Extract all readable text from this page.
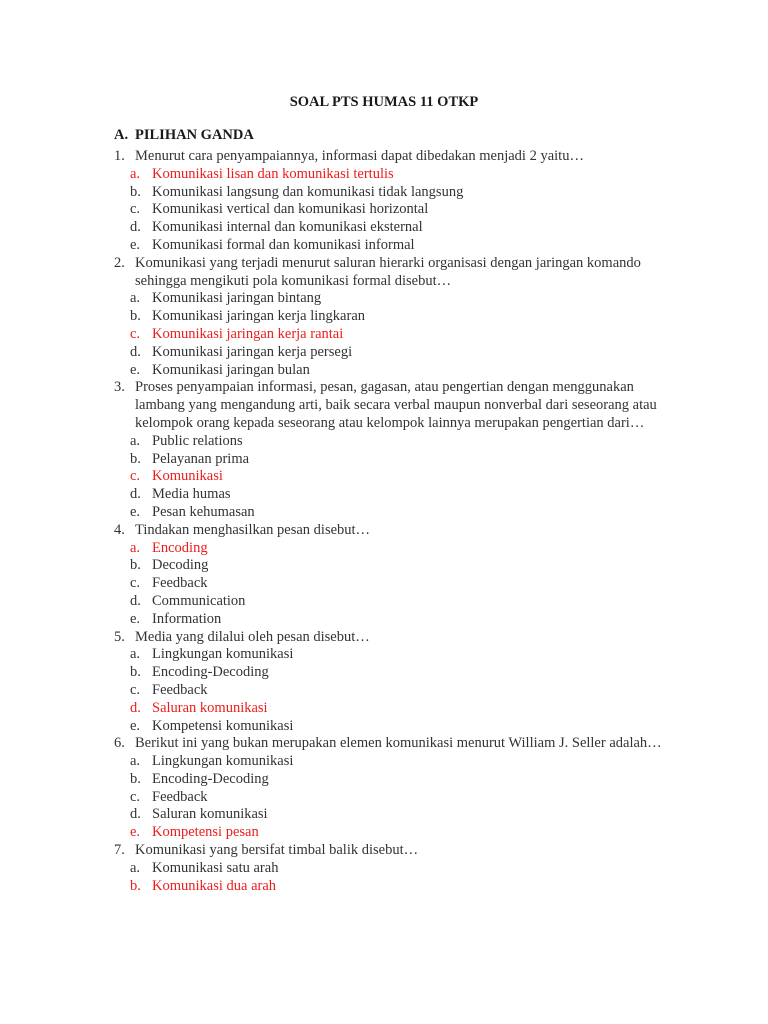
SOAL PTS HUMAS 11 OTKP
A. PILIHAN GANDA
1. Menurut cara penyampaiannya, informasi dapat dibedakan menjadi 2 yaitu…
a. Komunikasi lisan dan komunikasi tertulis
b. Komunikasi langsung dan komunikasi tidak langsung
c. Komunikasi vertical dan komunikasi horizontal
d. Komunikasi internal dan komunikasi eksternal
e. Komunikasi formal dan komunikasi informal
2. Komunikasi yang terjadi menurut saluran hierarki organisasi dengan jaringan komando sehingga mengikuti pola komunikasi formal disebut…
a. Komunikasi jaringan bintang
b. Komunikasi jaringan kerja lingkaran
c. Komunikasi jaringan kerja rantai
d. Komunikasi jaringan kerja persegi
e. Komunikasi jaringan bulan
3. Proses penyampaian informasi, pesan, gagasan, atau pengertian dengan menggunakan lambang yang mengandung arti, baik secara verbal maupun nonverbal dari seseorang atau kelompok orang kepada seseorang atau kelompok lainnya merupakan pengertian dari…
a. Public relations
b. Pelayanan prima
c. Komunikasi
d. Media humas
e. Pesan kehumasan
4. Tindakan menghasilkan pesan disebut…
a. Encoding
b. Decoding
c. Feedback
d. Communication
e. Information
5. Media yang dilalui oleh pesan disebut…
a. Lingkungan komunikasi
b. Encoding-Decoding
c. Feedback
d. Saluran komunikasi
e. Kompetensi komunikasi
6. Berikut ini yang bukan merupakan elemen komunikasi menurut William J. Seller adalah…
a. Lingkungan komunikasi
b. Encoding-Decoding
c. Feedback
d. Saluran komunikasi
e. Kompetensi pesan
7. Komunikasi yang bersifat timbal balik disebut…
a. Komunikasi satu arah
b. Komunikasi dua arah
